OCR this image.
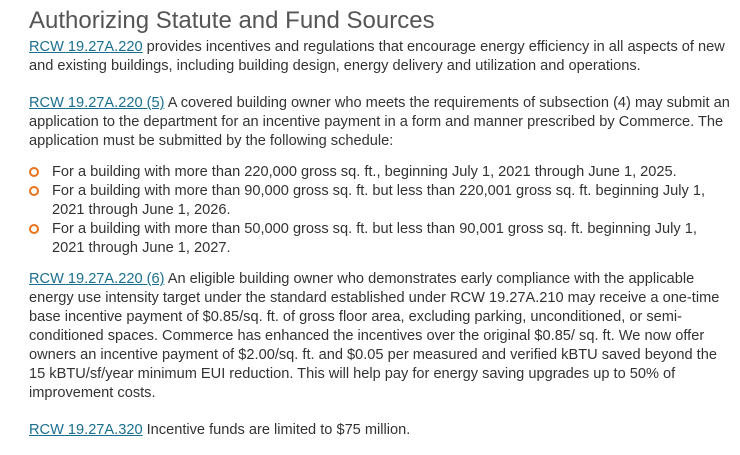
Authorizing Statute and Fund Sources

RCW 19.27A.220 provides incentives and regulations that encourage energy efficiency in all aspects of new and existing buildings, including building design, energy delivery and utilization and operations.

RCW 19.27A.220 (5) A covered building owner who meets the requirements of subsection (4) may submit an application to the department for an incentive payment in a form and manner prescribed by Commerce. The application must be submitted by the following schedule:

For a building with more than 220,000 gross sq. ft., beginning July 1, 2021 through June 1, 2025.
For a building with more than 90,000 gross sq. ft. but less than 220,001 gross sq. ft. beginning July 1, 2021 through June 1, 2026.
For a building with more than 50,000 gross sq. ft. but less than 90,001 gross sq. ft. beginning July 1, 2021 through June 1, 2027.

RCW 19.27A.220 (6) An eligible building owner who demonstrates early compliance with the applicable energy use intensity target under the standard established under RCW 19.27A.210 may receive a one-time base incentive payment of $0.85/sq. ft. of gross floor area, excluding parking, unconditioned, or semi-conditioned spaces. Commerce has enhanced the incentives over the original $0.85/ sq. ft. We now offer owners an incentive payment of $2.00/sq. ft. and $0.05 per measured and verified kBTU saved beyond the 15 kBTU/sf/year minimum EUI reduction. This will help pay for energy saving upgrades up to 50% of improvement costs.

RCW 19.27A.320 Incentive funds are limited to $75 million.
